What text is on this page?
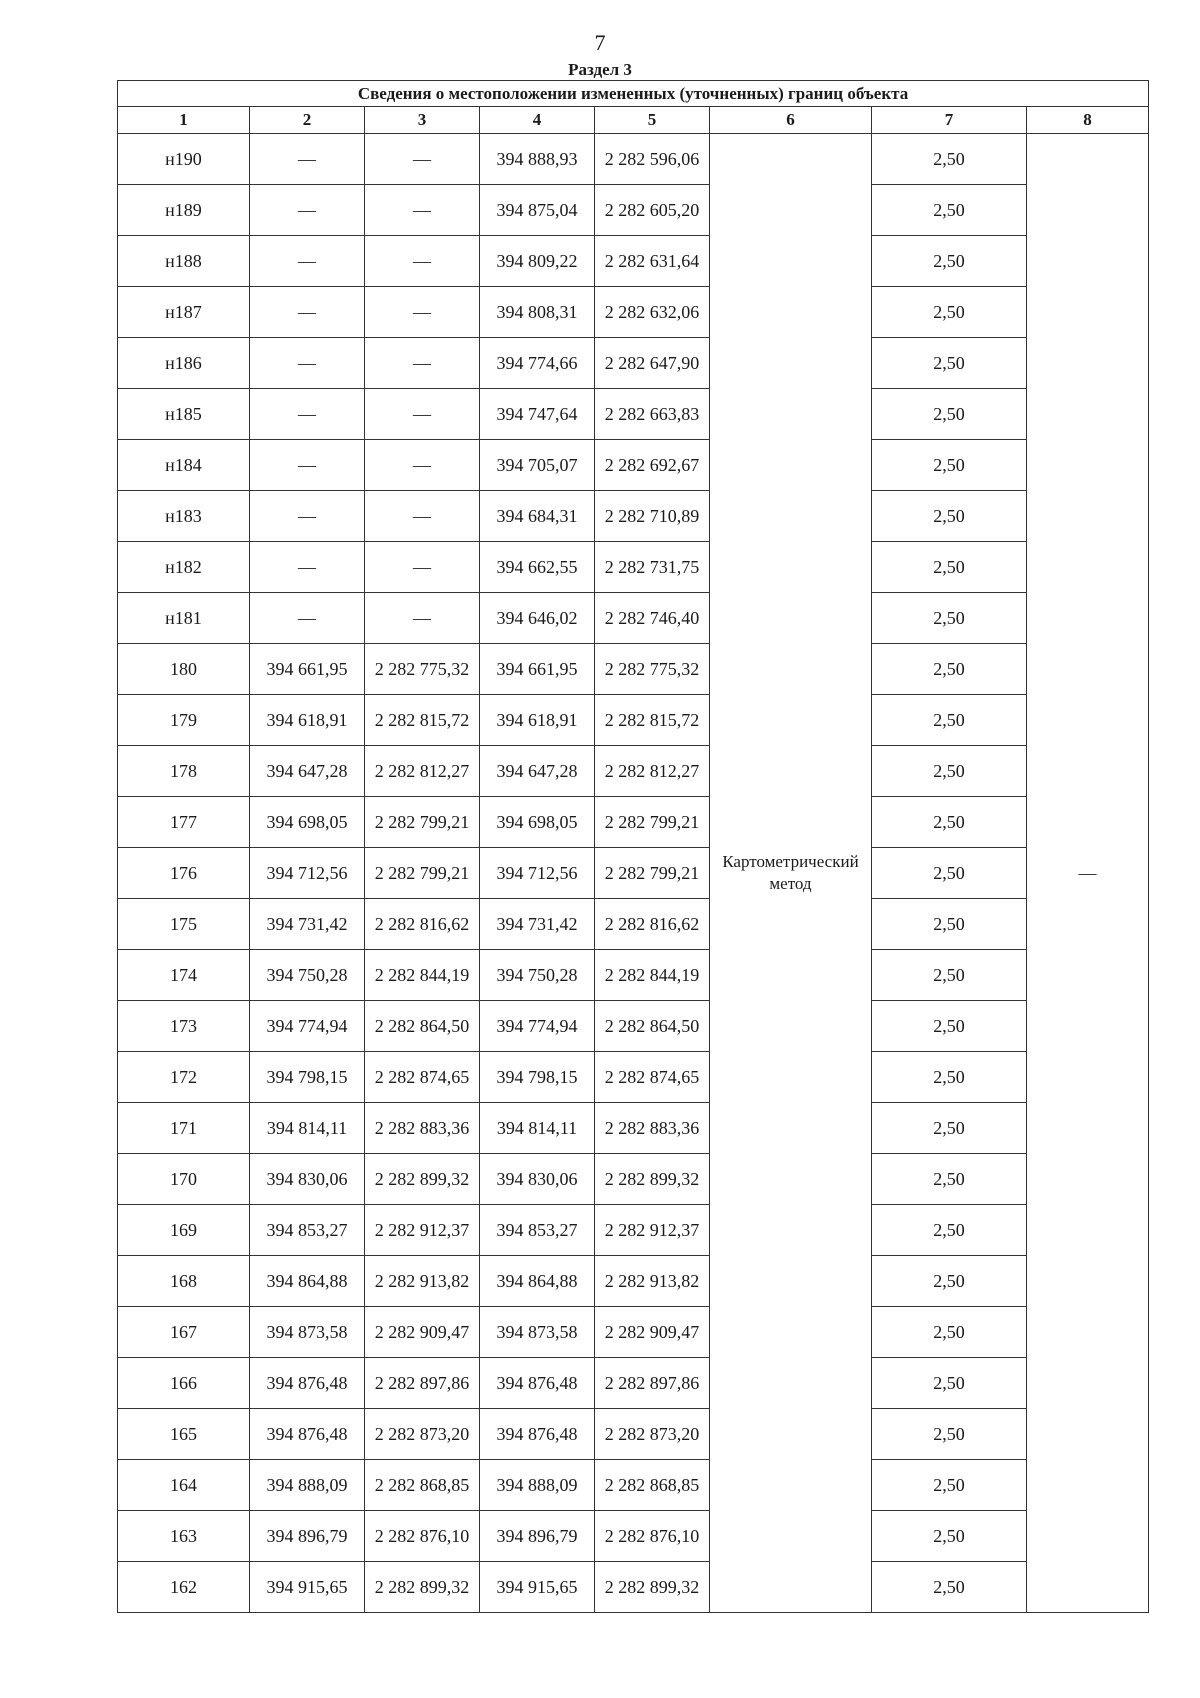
7
Раздел 3
Сведения о местоположении измененных (уточненных) границ объекта							
1	2	3	4	5	6	7	8
н190	—	—	394 888,93	2 282 596,06	Картометрический метод	2,50	—
н189	—	—	394 875,04	2 282 605,20		2,50	
н188	—	—	394 809,22	2 282 631,64		2,50	
н187	—	—	394 808,31	2 282 632,06		2,50	
н186	—	—	394 774,66	2 282 647,90		2,50	
н185	—	—	394 747,64	2 282 663,83		2,50	
н184	—	—	394 705,07	2 282 692,67		2,50	
н183	—	—	394 684,31	2 282 710,89		2,50	
н182	—	—	394 662,55	2 282 731,75		2,50	
н181	—	—	394 646,02	2 282 746,40		2,50	
180	394 661,95	2 282 775,32	394 661,95	2 282 775,32		2,50	
179	394 618,91	2 282 815,72	394 618,91	2 282 815,72		2,50	
178	394 647,28	2 282 812,27	394 647,28	2 282 812,27		2,50	
177	394 698,05	2 282 799,21	394 698,05	2 282 799,21		2,50	
176	394 712,56	2 282 799,21	394 712,56	2 282 799,21		2,50	
175	394 731,42	2 282 816,62	394 731,42	2 282 816,62		2,50	
174	394 750,28	2 282 844,19	394 750,28	2 282 844,19		2,50	
173	394 774,94	2 282 864,50	394 774,94	2 282 864,50		2,50	
172	394 798,15	2 282 874,65	394 798,15	2 282 874,65		2,50	
171	394 814,11	2 282 883,36	394 814,11	2 282 883,36		2,50	
170	394 830,06	2 282 899,32	394 830,06	2 282 899,32		2,50	
169	394 853,27	2 282 912,37	394 853,27	2 282 912,37		2,50	
168	394 864,88	2 282 913,82	394 864,88	2 282 913,82		2,50	
167	394 873,58	2 282 909,47	394 873,58	2 282 909,47		2,50	
166	394 876,48	2 282 897,86	394 876,48	2 282 897,86		2,50	
165	394 876,48	2 282 873,20	394 876,48	2 282 873,20		2,50	
164	394 888,09	2 282 868,85	394 888,09	2 282 868,85		2,50	
163	394 896,79	2 282 876,10	394 896,79	2 282 876,10		2,50	
162	394 915,65	2 282 899,32	394 915,65	2 282 899,32		2,50	
